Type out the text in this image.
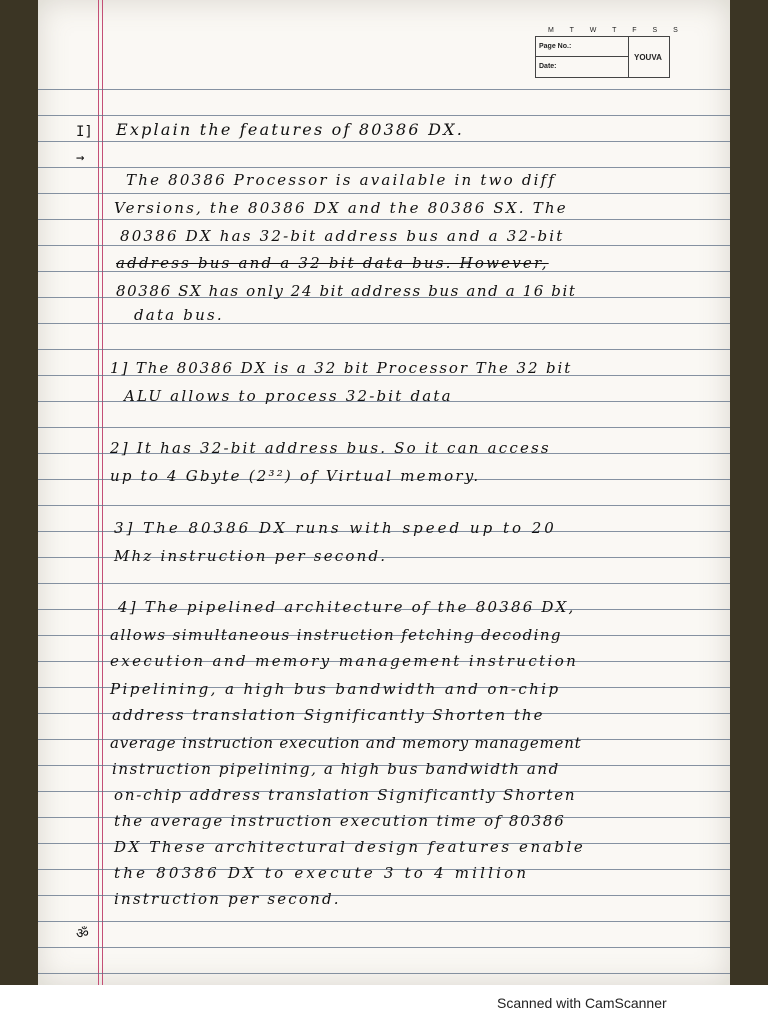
M T W T F S S
Page No.:
Date:
YOUVA
I]
→
ॐ
Explain the features of 80386 DX.
The 80386 Processor is available in two diff
Versions, the 80386 DX and the 80386 SX. The
80386 DX has 32-bit address bus and a 32-bit
address bus and a 32 bit data bus. However,
80386 SX has only 24 bit address bus and a 16 bit
data bus.
1] The 80386 DX is a 32 bit Processor The 32 bit
ALU allows to process 32-bit data
2] It has 32-bit address bus. So it can access
up to 4 Gbyte (2³²) of Virtual memory.
3] The 80386 DX runs with speed up to 20
Mhz instruction per second.
4] The pipelined architecture of the 80386 DX,
allows simultaneous instruction fetching decoding
execution and memory management instruction
Pipelining, a high bus bandwidth and on-chip
address translation Significantly Shorten the
average instruction execution and memory management
instruction pipelining, a high bus bandwidth and
on-chip address translation Significantly Shorten
the average instruction execution time of 80386
DX These architectural design features enable
the 80386 DX to execute 3 to 4 million
instruction per second.
Scanned with CamScanner
